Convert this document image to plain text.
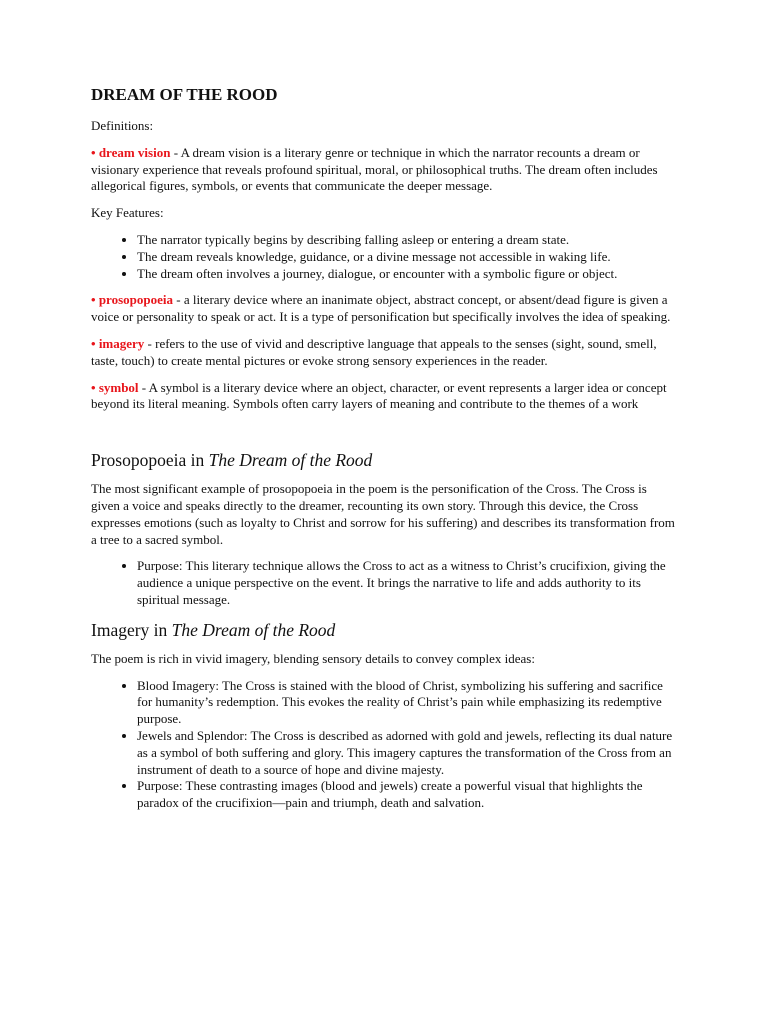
DREAM OF THE ROOD

Definitions:

• dream vision - A dream vision is a literary genre or technique in which the narrator recounts a dream or visionary experience that reveals profound spiritual, moral, or philosophical truths. The dream often includes allegorical figures, symbols, or events that communicate the deeper message.

Key Features:

• The narrator typically begins by describing falling asleep or entering a dream state.
• The dream reveals knowledge, guidance, or a divine message not accessible in waking life.
• The dream often involves a journey, dialogue, or encounter with a symbolic figure or object.

• prosopopoeia - a literary device where an inanimate object, abstract concept, or absent/dead figure is given a voice or personality to speak or act. It is a type of personification but specifically involves the idea of speaking.

• imagery - refers to the use of vivid and descriptive language that appeals to the senses (sight, sound, smell, taste, touch) to create mental pictures or evoke strong sensory experiences in the reader.

• symbol - A symbol is a literary device where an object, character, or event represents a larger idea or concept beyond its literal meaning. Symbols often carry layers of meaning and contribute to the themes of a work

Prosopopoeia in The Dream of the Rood

The most significant example of prosopopoeia in the poem is the personification of the Cross. The Cross is given a voice and speaks directly to the dreamer, recounting its own story. Through this device, the Cross expresses emotions (such as loyalty to Christ and sorrow for his suffering) and describes its transformation from a tree to a sacred symbol.

• Purpose: This literary technique allows the Cross to act as a witness to Christ’s crucifixion, giving the audience a unique perspective on the event. It brings the narrative to life and adds authority to its spiritual message.
Imagery in The Dream of the Rood

The poem is rich in vivid imagery, blending sensory details to convey complex ideas:

• Blood Imagery: The Cross is stained with the blood of Christ, symbolizing his suffering and sacrifice for humanity’s redemption. This evokes the reality of Christ’s pain while emphasizing its redemptive purpose.
• Jewels and Splendor: The Cross is described as adorned with gold and jewels, reflecting its dual nature as a symbol of both suffering and glory. This imagery captures the transformation of the Cross from an instrument of death to a source of hope and divine majesty.
• Purpose: These contrasting images (blood and jewels) create a powerful visual that highlights the paradox of the crucifixion—pain and triumph, death and salvation.
